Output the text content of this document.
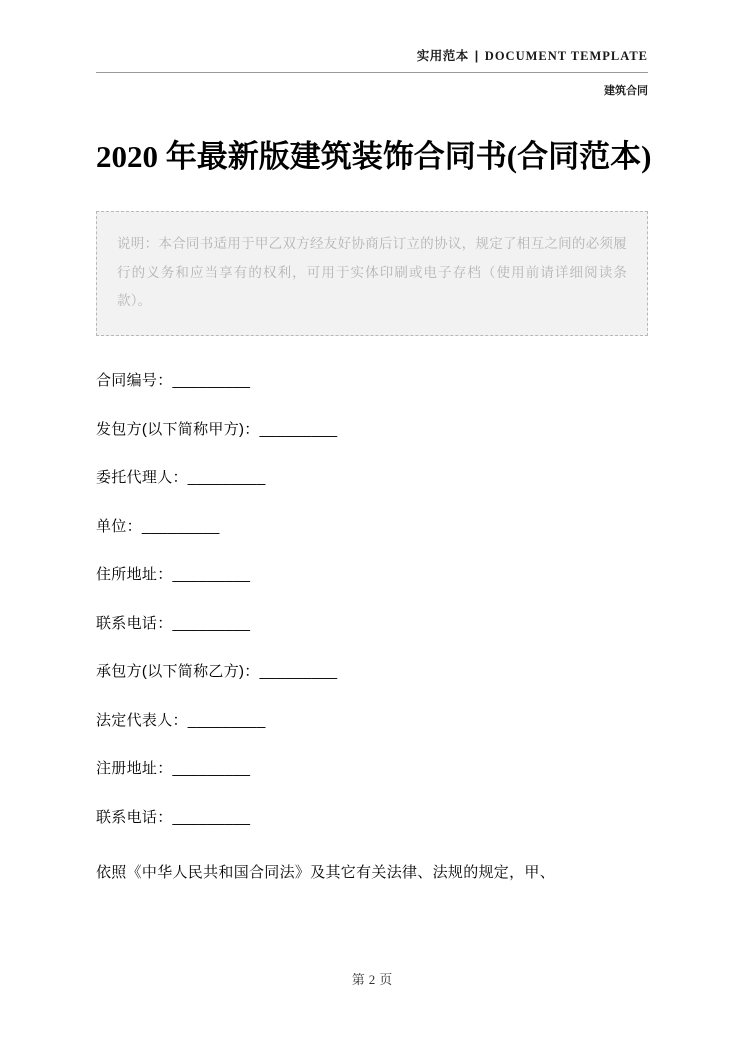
实用范本 | DOCUMENT TEMPLATE
建筑合同
2020 年最新版建筑装饰合同书(合同范本)
说明：本合同书适用于甲乙双方经友好协商后订立的协议，规定了相互之间的必须履行的义务和应当享有的权利，可用于实体印刷或电子存档（使用前请详细阅读条款）。
合同编号：_________
发包方(以下简称甲方)：_________
委托代理人：_________
单位：_________
住所地址：_________
联系电话：_________
承包方(以下简称乙方)：_________
法定代表人：_________
注册地址：_________
联系电话：_________
依照《中华人民共和国合同法》及其它有关法律、法规的规定，甲、
第 2 页
